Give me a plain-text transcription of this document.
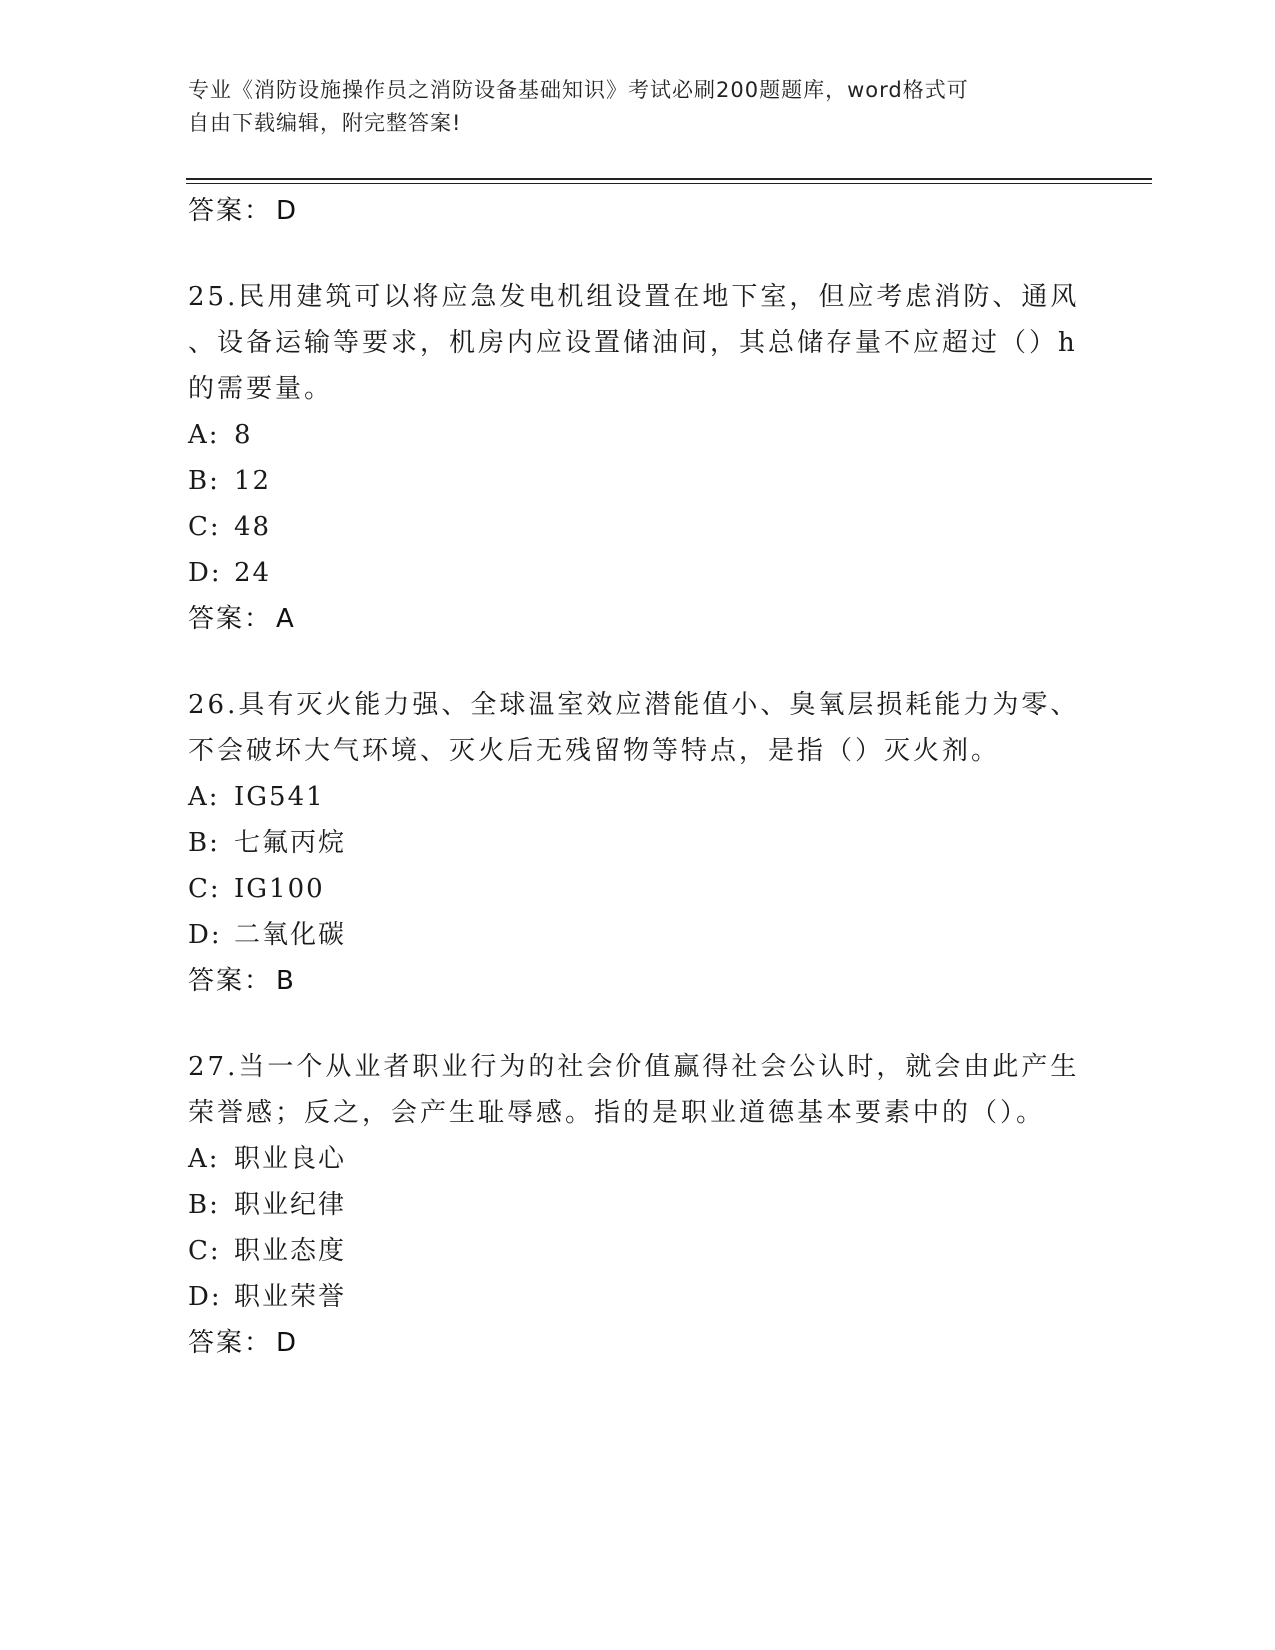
专业《消防设施操作员之消防设备基础知识》考试必刷200题题库，word格式可
自由下载编辑，附完整答案!
答案： D
25.民用建筑可以将应急发电机组设置在地下室，但应考虑消防、通风
、设备运输等要求，机房内应设置储油间，其总储存量不应超过（）h
的需要量。
A: 8
B: 12
C: 48
D: 24
答案： A
26.具有灭火能力强、全球温室效应潜能值小、臭氧层损耗能力为零、
不会破坏大气环境、灭火后无残留物等特点，是指（）灭火剂。
A: IG541
B: 七氟丙烷
C: IG100
D: 二氧化碳
答案： B
27.当一个从业者职业行为的社会价值赢得社会公认时，就会由此产生
荣誉感；反之，会产生耻辱感。指的是职业道德基本要素中的（）。
A: 职业良心
B: 职业纪律
C: 职业态度
D: 职业荣誉
答案： D
